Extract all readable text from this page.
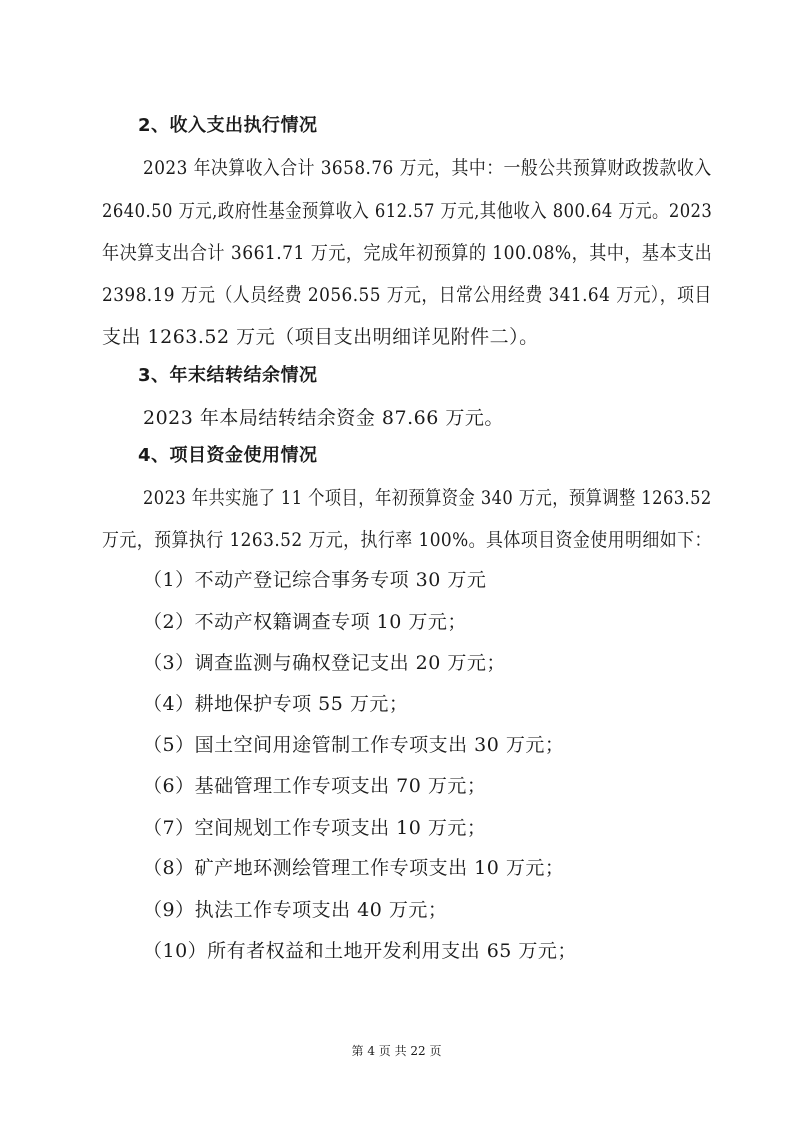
2、收入支出执行情况
2023 年决算收入合计 3658.76 万元，其中：一般公共预算财政拨款收入
2640.50 万元,政府性基金预算收入 612.57 万元,其他收入 800.64 万元。2023
年决算支出合计 3661.71 万元，完成年初预算的 100.08%，其中，基本支出
2398.19 万元（人员经费 2056.55 万元，日常公用经费 341.64 万元），项目
支出 1263.52 万元（项目支出明细详见附件二）。
3、年末结转结余情况
2023 年本局结转结余资金 87.66 万元。
4、项目资金使用情况
2023 年共实施了 11 个项目，年初预算资金 340 万元，预算调整 1263.52
万元，预算执行 1263.52 万元，执行率 100%。具体项目资金使用明细如下：
（1）不动产登记综合事务专项 30 万元
（2）不动产权籍调查专项 10 万元；
（3）调查监测与确权登记支出 20 万元；
（4）耕地保护专项 55 万元；
（5）国土空间用途管制工作专项支出 30 万元；
（6）基础管理工作专项支出 70 万元；
（7）空间规划工作专项支出 10 万元；
（8）矿产地环测绘管理工作专项支出 10 万元；
（9）执法工作专项支出 40 万元；
（10）所有者权益和土地开发利用支出 65 万元；
第 4 页 共 22 页
